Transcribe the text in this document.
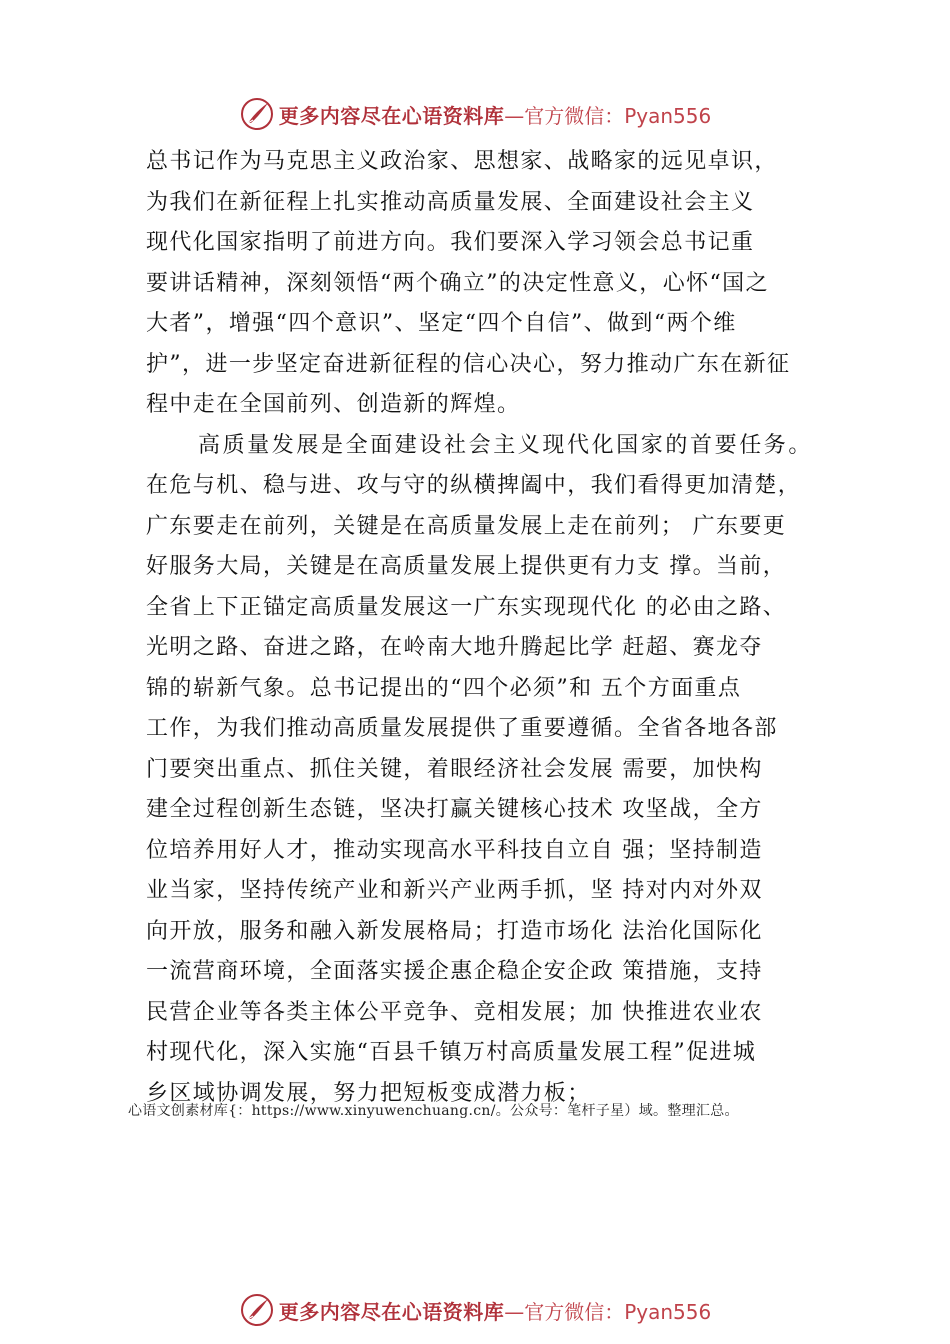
更多内容尽在心语资料库 —官方微信：Pyan556
总书记作为马克思主义政治家、思想家、战略家的远见卓识，
为我们在新征程上扎实推动高质量发展、全面建设社会主义
现代化国家指明了前进方向。我们要深入学习领会总书记重
要讲话精神，深刻领悟“两个确立”的决定性意义，心怀“国之
大者”，增强“四个意识”、坚定“四个自信”、做到“两个维
护”，进一步坚定奋进新征程的信心决心，努力推动广东在新征
程中走在全国前列、创造新的辉煌。
高质量发展是全面建设社会主义现代化国家的首要任务。
在危与机、稳与进、攻与守的纵横捭阖中，我们看得更加清楚，
广东要走在前列，关键是在高质量发展上走在前列； 广东要更
好服务大局，关键是在高质量发展上提供更有力支 撑。当前，
全省上下正锚定高质量发展这一广东实现现代化 的必由之路、
光明之路、奋进之路，在岭南大地升腾起比学 赶超、赛龙夺
锦的崭新气象。总书记提出的“四个必须”和 五个方面重点
工作，为我们推动高质量发展提供了重要遵循。全省各地各部
门要突出重点、抓住关键，着眼经济社会发展 需要，加快构
建全过程创新生态链，坚决打赢关键核心技术 攻坚战，全方
位培养用好人才，推动实现高水平科技自立自 强；坚持制造
业当家，坚持传统产业和新兴产业两手抓，坚 持对内对外双
向开放，服务和融入新发展格局；打造市场化 法治化国际化
一流营商环境，全面落实援企惠企稳企安企政 策措施，支持
民营企业等各类主体公平竞争、竞相发展；加 快推进农业农
村现代化，深入实施“百县千镇万村高质量发展工程”促进城
乡区域协调发展，努力把短板变成潜力板；
心语文创素材库{：https://www.xinyuwenchuang.cn/。公众号：笔杆子星）域。整理汇总。
更多内容尽在心语资料库 —官方微信：Pyan556
